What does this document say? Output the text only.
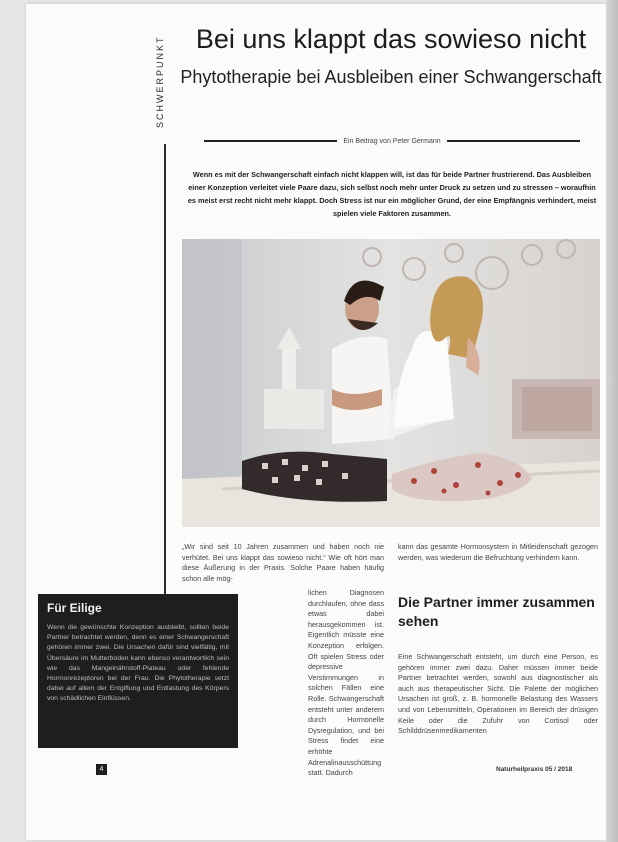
SCHWERPUNKT	Bei uns klappt das sowieso nicht
Phytotherapie bei Ausbleiben einer Schwangerschaft
Ein Beitrag von Peter Germann

Wenn es mit der Schwangerschaft einfach nicht klappen will, ist das für beide Partner frustrierend. Das Ausbleiben einer Konzeption verleitet viele Paare dazu, sich selbst noch mehr unter Druck zu setzen und zu stressen – woraufhin es meist erst recht nicht mehr klappt. Doch Stress ist nur ein möglicher Grund, der eine Empfängnis verhindert, meist spielen viele Faktoren zusammen.

„Wir sind seit 10 Jahren zusammen und haben noch nie verhütet. Bei uns klappt das sowieso nicht.“ Wie oft hört man diese Äußerung in der Praxis. Solche Paare haben häufig schon alle mög-

lichen Diagnosen durchlaufen, ohne dass etwas dabei herausgekommen ist. Eigentlich müsste eine Konzeption erfolgen. Oft spielen Stress oder depressive Verstimmungen in solchen Fällen eine Rolle. Schwangerschaft entsteht unter anderem durch Hormonelle Dysregulation, und bei Stress findet eine erhöhte Adrenalinausschüttung statt. Dadurch

kann das gesamte Hormonsystem in Mitleidenschaft gezogen werden, was wiederum die Befruchtung verhindern kann.

Die Partner immer zusammen sehen

Eine Schwangerschaft entsteht, um durch eine Person, es gehören immer zwei dazu. Daher müssen immer beide Partner betrachtet werden, sowohl aus diagnostischer als auch aus therapeutischer Sicht. Die Palette der möglichen Ursachen ist groß, z. B. hormonelle Belastung des Wassers und von Lebensmitteln, Operationen im Bereich der drüsigen Keile oder die Zufuhr von Cortisol oder Schilddrüsenmedikamenten

4	Naturheilpraxis 05 / 2018
Für Eilige

Wenn die gewünschte Konzeption ausbleibt, sollten beide Partner betrachtet werden, denn es einer Schwangerschaft gehören immer zwei. Die Ursachen dafür sind vielfältig, mit Übersäure im Mutterboden kann ebenso verantwortlich sein wie das Mangelnährstoff-Plateau oder fehlende Hormonrezeptoren bei der Frau. Die Phytotherapie setzt dabei auf allem der Entgiftung und Entlastung des Körpers von schädlichen Einflüssen.
